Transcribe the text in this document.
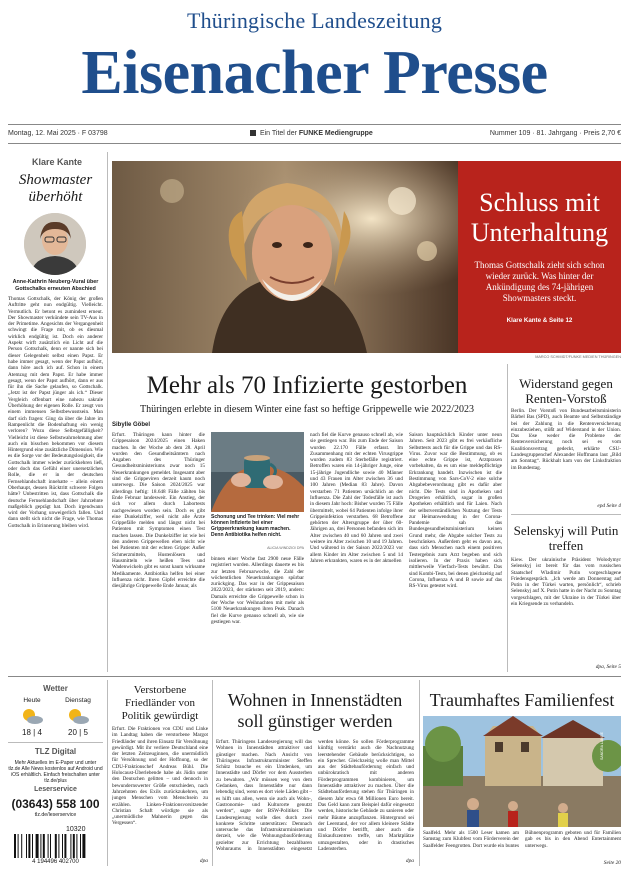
Thüringische Landeszeitung
Eisenacher Presse
Montag, 12. Mai 2025 · F 03798	Ein Titel der FUNKE Mediengruppe	Nummer 109 · 81. Jahrgang · Preis 2,70 €
Klare Kante
Showmaster überhöht
Anne-Kathrin Neuberg-Vural über Gottschalks erneuten Abschied
Thomas Gottschalk, der König der großen Auftritte geht nun endgültig. Vielleicht. Vermutlich. Er betont es zumindest erneut. Der Showmaster verkündete sein TV-Aus in der Primetime. Angesichts der Vergangenheit schwingt die Frage mit, ob es diesmal wirklich endgültig ist. Doch ein anderer Aspekt wirft zusätzlich ein Licht auf die Person Gottschalk, denn er nannte sich bei dieser Gelegenheit selbst einen Papst. Er habe immer gesagt, wenn der Papst aufhört, dann höre auch ich auf. Schon in einem Atemzug mit dem Papst. Er habe immer gesagt, wenn der Papst aufhört, dann er aus für ihn die Sache gelaufen, so Gottschalk. „Jetzt ist der Papst jünger als ich.“ Dieser Vergleich offenbart eine nahezu sakrale Überhöhung der eigenen Rolle. Er zeugt von einem immensen Selbstbewusstsein. Man darf sich fragen: Ging da über die Jahre im Rampenlicht die Bodenhaftung ein wenig verloren? Wozu diese Selbstgefälligkeit? Vielleicht ist diese Selbstwahrnehmung aber auch ein bisschen bekommen vor diesem Hintergrund eine zusätzliche Dimension. Wie es die Sorge vor der Bedeutungslosigkeit, die Gottschalk immer wieder zurückkehren ließ, oder doch das Gefühl einer unersetzlichen Rolle, die er in der deutschen Fernsehlandschaft innehatte – allein einem Oberhaupt, dessen Rücktritt schwere Folgen hätte? Unbestritten ist, dass Gottschalk die deutsche Fernsehlandschaft über Jahrzehnte maßgeblich geprägt hat. Doch irgendwann wird der Vorhang unweigerlich fallen. Und dann stellt sich nicht die Frage, wie Thomas Gottschalk in Erinnerung bleiben wird.
Schluss mit Unterhaltung
Thomas Gottschalk zieht sich schon wieder zurück. Was hinter der Ankündigung des 74-jährigen Showmasters steckt.
Klare Kante & Seite 12
MARCO SCHMIDT/FUNKE MEDIEN THÜRINGEN
Mehr als 70 Infizierte gestorben
Thüringen erlebte in diesem Winter eine fast so heftige Grippewelle wie 2022/2023
Sibylle Göbel
Erfurt. Thüringen kann hinter die Grippesaison 2024/2025 einen Haken machen. In der Woche ab dem 28. April wurden den Gesundheitsämtern nach Angaben des Thüringer Gesundheitsministeriums zwar noch 15 Neuerkrankungen gemeldet. Insgesamt aber sind die Grippeviren derzeit kaum noch unterwegs. Die Saison 2024/2025 war allerdings heftig: 18.648 Fälle zählten bis Ende Februar landesweit. Ein Anstieg, der sich vor allem durch Labortests nachgewiesen worden sein. Doch es gibt eine Dunkelziffer, weil nicht alle Ärzte Grippefälle melden und längst nicht bei Patienten mit Symptomen einen Test machen lassen. Die Dunkelziffer ist wie bei den anderen Grippewellen eben nicht wie bei Patienten mit der echten Grippe: Außer Schmerzmitteln, Hustenlösern und Hausmitteln wie heißen Tees und Wadenwickeln gibt es sonst kaum wirksame Medikamente. Antibiotika helfen bei einer Influenza nicht. Ihren Gipfel erreichte die diesjährige Grippewelle Ende Januar, als
Schonung und Tee trinken: Viel mehr können Infizierte bei einer Grippeerkrankung kaum machen. Denn Antibiotika helfen nicht.
ALICIA WINDZIO/ DPA
binnen einer Woche fast 2900 neue Fälle registriert wurden. Allerdings dauerte es bis zur letzten Februarwoche, die Zahl der wöchentlichen Neuerkrankungen spürbar zurückging. Das war in der Grippesaison 2022/2023, der stärksten seit 2019, anders: Damals erreichte die Grippewelle schon in der Woche vor Weihnachten mit mehr als 5100 Neuerkrankungen ihren Peak. Danach fiel die Kurve genauso schnell ab, wie sie gestiegen war.
nach fiel die Kurve genauso schnell ab, wie sie gestiegen war. Bis zum Ende der Saison wurden 22.170 Fälle erfasst. Im Zusammenhang mit der echten Virusgrippe wurden zudem 83 Sterbefälle registriert. Betroffen waren ein 14-jähriger Junge, eine 15-jährige Jugendliche sowie 40 Männer und 43 Frauen im Alter zwischen 36 und 100 Jahren (Median 83 Jahre). Davon verstarben 71 Patienten ursächlich an der Influenza. Die Zahl der Todesfälle ist auch in diesem Jahr hoch: Bisher wurden 75 Fälle übermittelt, wobei 64 Patienten infolge ihrer Grippeinfektion verstarben. 68 Betroffene gehörten der Altersgruppe der über 60-Jährigen an, drei Personen befanden sich im Alter zwischen 40 und 60 Jahren und zwei weitere im Alter zwischen 10 und 19 Jahren. Und während in der Saison 2022/2023 vor allem Kinder im Alter zwischen 5 und 14 Jahren erkrankten, waren es in der aktuellen
Saison hauptsächlich Kinder unter neun Jahren. Seit 2023 gibt es frei verkäufliche Selbsttests auch für die Grippe und das RS-Virus. Zuvor war die Bestimmung, ob es eine echte Grippe ist, Arztpraxen vorbehalten, da es um eine meldepflichtige Erkrankung handelt. Inzwischen ist die Bestimmung von Sars-CoV-2 eine solche Abgabebeverordnung gibt es dafür aber nicht. Die Tests sind in Apotheken und Drogerien erhältlich, sogar in großen Apotheken erhältlich und für Laien. Nach der selbstverständlichen Nutzung der Tests zur Heimanwendung in der Corona-Pandemie sah das Bundesgesundheitsministerium keinen Grund mehr, die Abgabe solcher Tests zu beschränken. Außerdem geht es davon aus, dass sich Menschen nach einem positiven Testergebnis zum Arzt begeben und sich isolieren. In der Praxis haben sich mittlerweile Vierfach-Tests bewährt. Das sind Kombi-Tests, bei denen gleichzeitig auf Corona, Influenza A und B sowie auf das RS-Virus getestet wird.
Widerstand gegen Renten-Vorstoß
Berlin. Der Vorstoß von Bundesarbeitsministerin Bärbel Bas (SPD), auch Beamte und Selbstständige bei der Zahlung in die Rentenversicherung einzubeziehen, stößt auf Widerstand in der Union. Das löse weder die Probleme der Rentenversicherung noch sei es vom Koalitionsvertrag gedeckt, erklärte CSU-Landesgruppenchef Alexander Hoffmann laut „Bild am Sonntag“. Rückhalt kam von der Linksfraktion im Bundestag.
epd Seite 4
Selenskyj will Putin treffen
Kiew. Der ukrainische Präsident Wolodymyr Selenskyj ist bereit für das vom russischen Staatschef Wladimir Putin vorgeschlagene Friedensgespräch. „Ich werde am Donnerstag auf Putin in der Türkei warten, persönlich“, schrieb Selenskyj auf X. Putin hatte in der Nacht zu Sonntag vorgeschlagen, mit der Ukraine in der Türkei über ein Kriegsende zu verhandeln.
dpa, Seite 5
Wetter
Heute	Dienstag
18 | 4	20 | 5
TLZ Digital
Mehr Aktuelles im E-Paper und unter tlz.de Alle News kostenlos auf Android und iOS erhältlich. Einfach freischalten unter tlz.de/plus
Leserservice
(03643) 558 100
tlz.de/leserservice
10320
4 194496 402700
Verstorbene Friedländer von Politik gewürdigt
Erfurt. Die Fraktionen von CDU und Linke im Landtag haben die verstorbene Margot Friedländer und ihren Einsatz für Versöhnung gewürdigt. Mit ihr verliere Deutschland eine der letzten Zeitzeuginnen, die unermüdlich für Versöhnung und der Hoffnung, so der CDU-Fraktionschef Andreas Bühl. Die Holocaust-Überlebende habe als Jüdin unter den Deutschen gelitten – und dennoch in bewundernswerter Größe entschieden, nach Jahrzehnten des Exils zurückzukehren, um jungen Menschen vom Menschsein zu erzählen. Linken-Fraktionsvorsitzender Christian Schaft würdigte sie als „unermüdliche Mahnerin gegen das Vergessen“.
dpa
Wohnen in Innenstädten soll günstiger werden
Erfurt. Thüringens Landesregierung will das Wohnen in Innenstädten attraktiver und günstiger machen. Nach Ansicht von Thüringens Infrastrukturminister Steffen Schütz brauche es ein Umdenken, um Innenstädte und Dörfer vor dem Aussterben zu bewahren. „Wir müssen weg von dem Gedanken, dass Innenstädte nur dann lebendig sind, wenn es dort viele Läden gibt – es hilft uns allen, wenn sie auch als Wohn-, Gastronomie- und Kulturorte genutzt werden“, sagte der BSW-Politiker. Die Landesregierung wolle dies durch zwei konkrete Schritte unterstützen: Demnach untersuche das Infrastrukturministerium derzeit, wie die Wohnungsbauförderung gezielter zur Errichtung bezahlbaren Wohnraums in Innenstädten eingesetzt werden könne. So sollen Förderprogramme künftig verstärkt auch die Nachnutzung leerstehender Gebäude berücksichtigen, so ein Sprecher. Gleichzeitig wolle man Mittel aus der Städtebauförderung einfach und unbürokratisch mit anderen Förderprogrammen kombinieren, um Innenstädte attraktiver zu machen. Über die Städtebauförderung stehen für Thüringen in diesem Jahr etwa 68 Millionen Euro bereit. Das Geld kann zum Beispiel dafür eingesetzt werden, historische Gebäude zu sanieren oder mehr Bäume anzupflanzen. Hintergrund sei der Leerstand, der vor allem kleinere Städte und Dörfer betrifft, aber auch die Einkaufszentren treffe, um Marktplätze umzugestalten, oder in drastisches Ladensterben.
dpa
Traumhaftes Familienfest
SANDRA LANGE
Saalfeld. Mehr als 1500 Leser kamen am Samstag zum Klubfest vom Förderverein der Saalfelder Feengrotten. Dort wurde ein buntes Bühnenprogramm geboten und für Familien gab es bis in den Abend Entertainment unterwegs.
Seite 20
